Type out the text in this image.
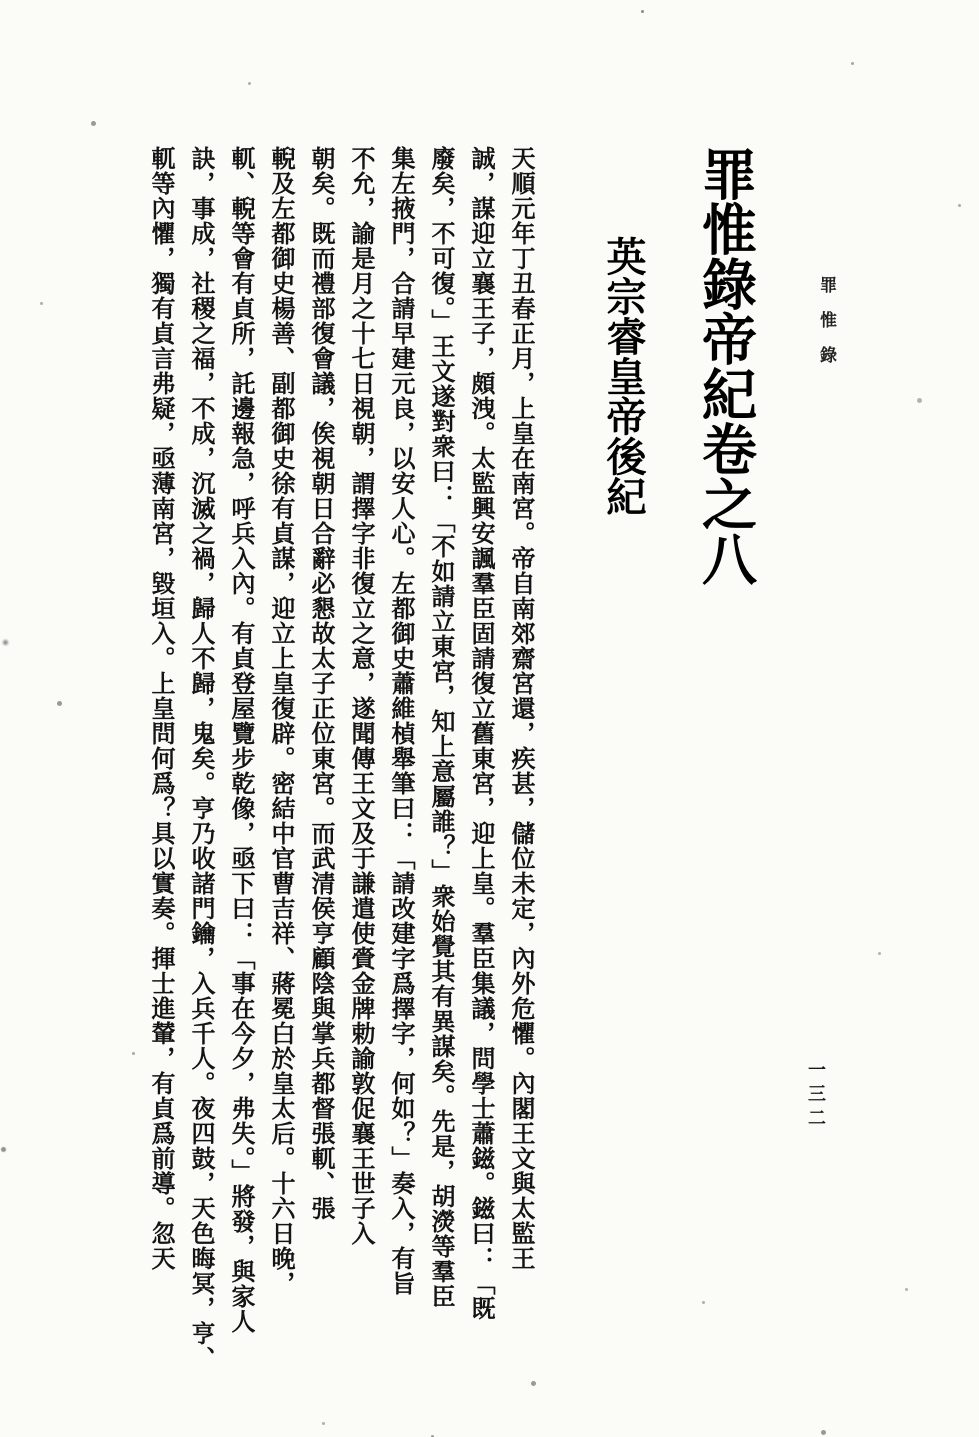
罪惟錄
一三二
罪惟錄帝紀卷之八
英宗睿皇帝後紀
天順元年丁丑春正月，上皇在南宮。帝自南郊齋宮還，疾甚，儲位未定，內外危懼。內閣王文與太監王
誠，謀迎立襄王子，頗洩。太監興安諷羣臣固請復立舊東宮，迎上皇。羣臣集議，問學士蕭鎡。鎡曰：「既
廢矣，不可復。」王文遂對衆曰：「不如請立東宮，知上意屬誰？」衆始覺其有異謀矣。先是，胡濙等羣臣
集左掖門，合請早建元良，以安人心。左都御史蕭維楨舉筆曰：「請改建字爲擇字，何如？」奏入，有旨
不允，諭是月之十七日視朝，謂擇字非復立之意，遂聞傳王文及于謙遣使賫金牌勅諭敦促襄王世子入
朝矣。既而禮部復會議，俟視朝日合辭必懇故太子正位東宮。而武清侯亨顧陰與掌兵都督張軏、張
輗及左都御史楊善、副都御史徐有貞謀，迎立上皇復辟。密結中官曹吉祥、蔣冕白於皇太后。十六日晚，
軏、輗等會有貞所，託邊報急，呼兵入內。有貞登屋覽步乾像，亟下曰：「事在今夕，弗失。」將發，與家人
訣，事成，社稷之福，不成，沉滅之禍，歸人不歸，鬼矣。亨乃收諸門鑰，入兵千人。夜四鼓，天色晦冥，亨、
軏等內懼，獨有貞言弗疑，亟薄南宮，毀垣入。上皇問何爲？具以實奏。揮士進輦，有貞爲前導。忽天
